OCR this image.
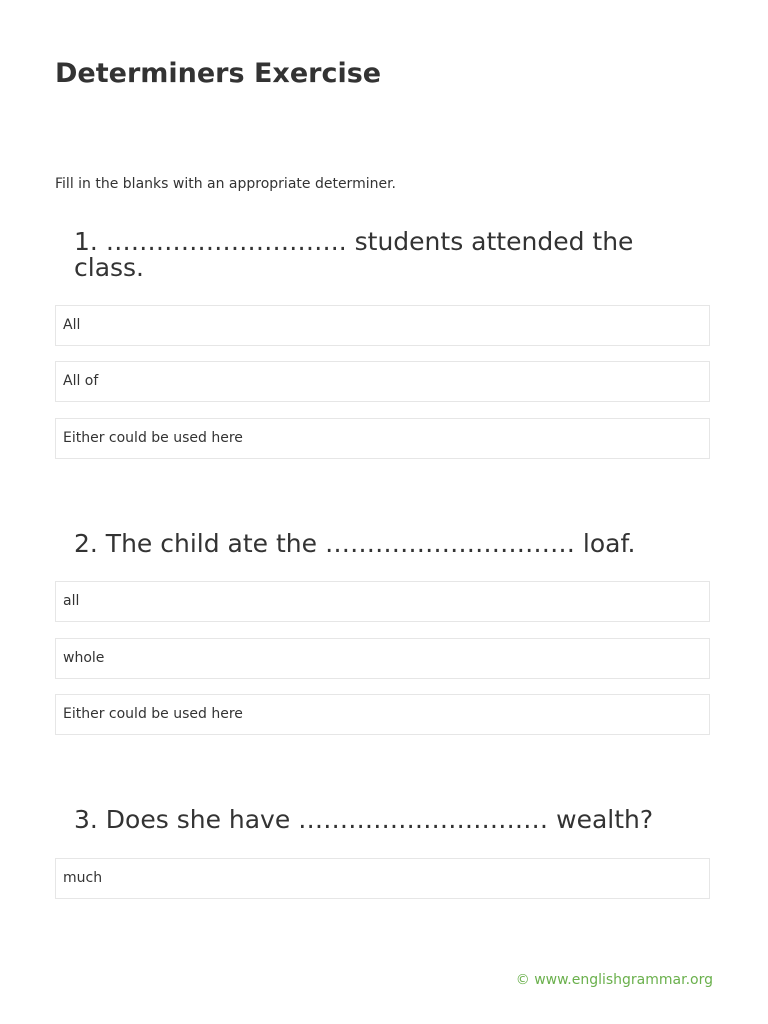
Determiners Exercise
Fill in the blanks with an appropriate determiner.
1. ……………………….. students attended the class.
All
All of
Either could be used here
2. The child ate the ………………………… loaf.
all
whole
Either could be used here
3. Does she have ………………………… wealth?
much
© www.englishgrammar.org
